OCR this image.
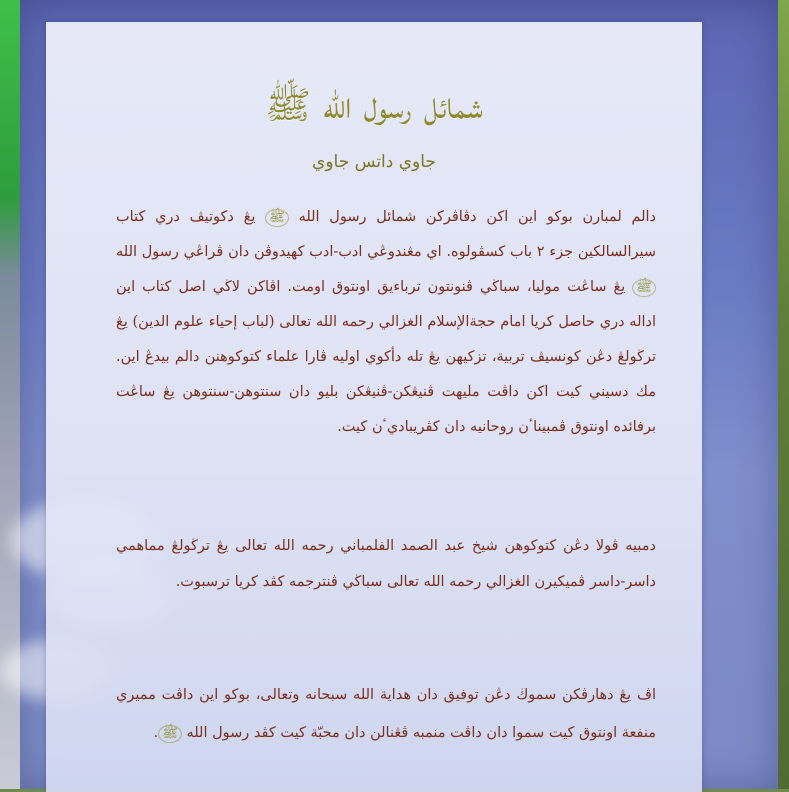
شمائل رسول الله ﷺ
جاوي داتس جاوي
دالم لمبارن بوكو اين اكن دڤاڤركن شمائل رسول الله ﷺ يڠ دكوتيڤ دري كتاب سيرالسالكين جزء ٢ باب كسڤولوه. اي مڠندوڠي ادب-ادب كهيدوڤن دان ڤراڠي رسول الله ﷺ يڠ ساڠت موليا، سباڬي ڤنونتون ترباءيق اونتوق اومت. اڤاكن لاڬي اصل كتاب اين اداله دري حاصل كريا امام حجةالإسلام الغزالي رحمه الله تعالى (لباب إحياء علوم الدين) يڠ ترڬولڠ دڠن كونسيڤ تربية، تزكيهن يڠ تله دأكوي اوليه ڤارا علماء كتوكوهنن دالم بيدڠ اين. مك دسيني كيت اكن داڤت مليهت ڤنيڠكن-ڤنيڠكن بليو دان سنتوهن-سنتوهن يڠ ساڠت برفائده اونتوق ڤمبيناٴن روحانيه دان كڤريباديٴن كيت.
دمبيه ڤولا دڠن كتوكوهن شيخ عبد الصمد الفلمباني رحمه الله تعالى يڠ ترڬولڠ مماهمي داسر-داسر ڤميكيرن الغزالي رحمه الله تعالى سباڬي ڤنترجمه كڤد كريا ترسبوت.
اڤ يڠ دهارڤكن سموڬ دڠن توفيق دان هداية الله سبحانه وتعالى، بوكو اين داڤت مميري منفعة اونتوق كيت سموا دان داڤت منمبه ڤڠنالن دان محبّة كيت كڤد رسول الله ﷺ.
